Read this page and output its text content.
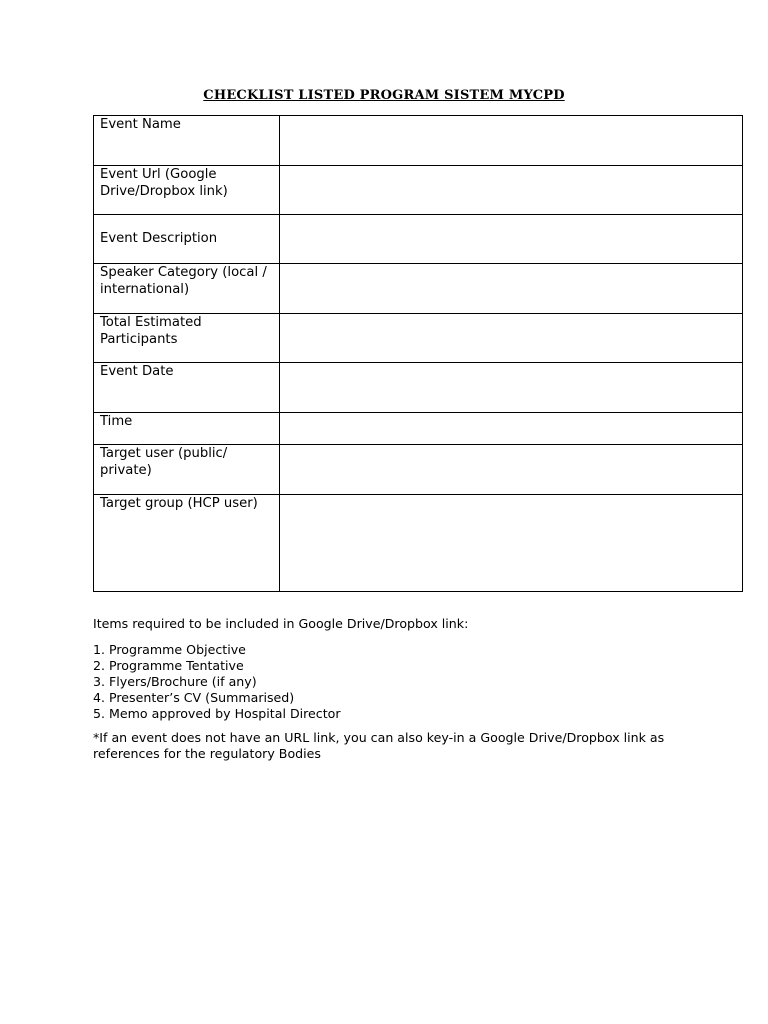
CHECKLIST LISTED PROGRAM SISTEM MYCPD
Event Name	
Event Url (Google Drive/Dropbox link)	
Event Description	
Speaker Category (local / international)	
Total Estimated Participants	
Event Date	
Time	
Target user (public/ private)	
Target group (HCP user)	

Items required to be included in Google Drive/Dropbox link:

1. Programme Objective
2. Programme Tentative
3. Flyers/Brochure (if any)
4. Presenter’s CV (Summarised)
5. Memo approved by Hospital Director

*If an event does not have an URL link, you can also key-in a Google Drive/Dropbox link as references for the regulatory Bodies
